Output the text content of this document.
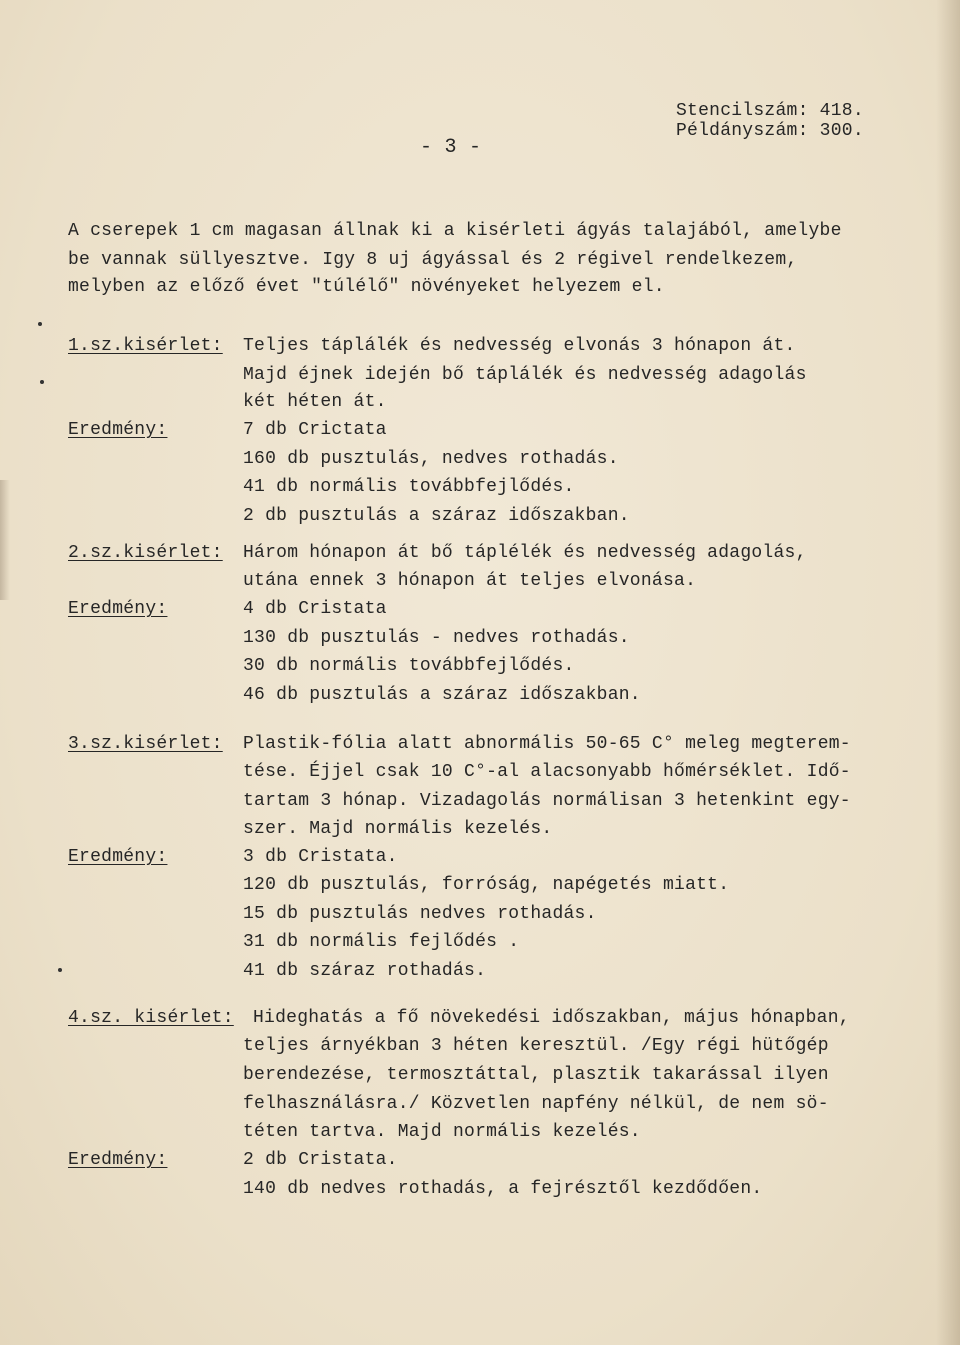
- 3 -
Stencilszám: 418.
Példányszám: 300.
A cserepek 1 cm magasan állnak ki a kisérleti ágyás talajából, amelybe
be vannak süllyesztve. Igy 8 uj ágyással és 2 régivel rendelkezem,
melyben az előző évet "túlélő" növényeket helyezem el.
1.sz.kisérlet: Teljes táplálék és nedvesség elvonás 3 hónapon át.
Majd éjnek idején bő táplálék és nedvesség adagolás
két héten át.
Eredmény:	7 db Crictata
160 db pusztulás, nedves rothadás.
41 db normális továbbfejlődés.
2 db pusztulás a száraz időszakban.
2.sz.kisérlet: Három hónapon át bő táplélék és nedvesség adagolás,
utána ennek 3 hónapon át teljes elvonása.
Eredmény:	4 db Cristata
130 db pusztulás - nedves rothadás.
30 db normális továbbfejlődés.
46 db pusztulás a száraz időszakban.
3.sz.kisérlet: Plastik-fólia alatt abnormális 50-65 C° meleg megterem-
tése. Éjjel csak 10 C°-al alacsonyabb hőmérséklet. Idő-
tartam 3 hónap. Vizadagolás normálisan 3 hetenkint egy-
szer. Majd normális kezelés.
Eredmény:	3 db Cristata.
120 db pusztulás, forróság, napégetés miatt.
15 db pusztulás nedves rothadás.
31 db normális fejlődés .
41 db száraz rothadás.
4.sz. kisérlet: Hideghatás a fő növekedési időszakban, május hónapban,
teljes árnyékban 3 héten keresztül. /Egy régi hütőgép
berendezése, termosztáttal, plasztik takarással ilyen
felhasználásra./ Közvetlen napfény nélkül, de nem sö-
téten tartva. Majd normális kezelés.
Eredmény:	2 db Cristata.
140 db nedves rothadás, a fejrésztől kezdődően.
